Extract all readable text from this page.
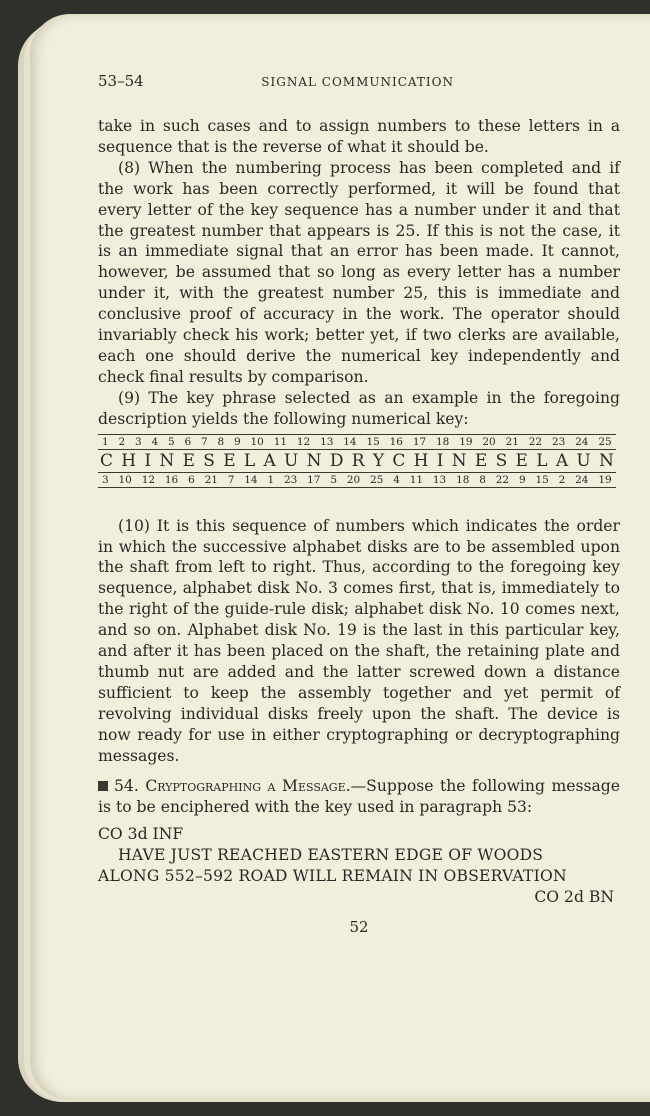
53–54	SIGNAL COMMUNICATION

take in such cases and to assign numbers to these letters in a sequence that is the reverse of what it should be.

(8) When the numbering process has been completed and if the work has been correctly performed, it will be found that every letter of the key sequence has a number under it and that the greatest number that appears is 25. If this is not the case, it is an immediate signal that an error has been made. It cannot, however, be assumed that so long as every letter has a number under it, with the greatest number 25, this is immediate and conclusive proof of accuracy in the work. The operator should invariably check his work; better yet, if two clerks are available, each one should derive the numerical key independently and check final results by comparison.

(9) The key phrase selected as an example in the foregoing description yields the following numerical key:

1 2 3 4 5 6 7 8 9 10 11 12 13 14 15 16 17 18 19 20 21 22 23 24 25
C H I N E S E L A U N D R Y C H I N E S E L A U N
3 10 12 16 6 21 7 14 1 23 17 5 20 25 4 11 13 18 8 22 9 15 2 24 19

(10) It is this sequence of numbers which indicates the order in which the successive alphabet disks are to be assembled upon the shaft from left to right. Thus, according to the foregoing key sequence, alphabet disk No. 3 comes first, that is, immediately to the right of the guide-rule disk; alphabet disk No. 10 comes next, and so on. Alphabet disk No. 19 is the last in this particular key, and after it has been placed on the shaft, the retaining plate and thumb nut are added and the latter screwed down a distance sufficient to keep the assembly together and yet permit of revolving individual disks freely upon the shaft. The device is now ready for use in either cryptographing or decryptographing messages.

54. Cryptographing a Message.—Suppose the following message is to be enciphered with the key used in paragraph 53:

CO 3d INF
HAVE JUST REACHED EASTERN EDGE OF WOODS
ALONG 552–592 ROAD WILL REMAIN IN OBSERVATION
CO 2d BN
52
